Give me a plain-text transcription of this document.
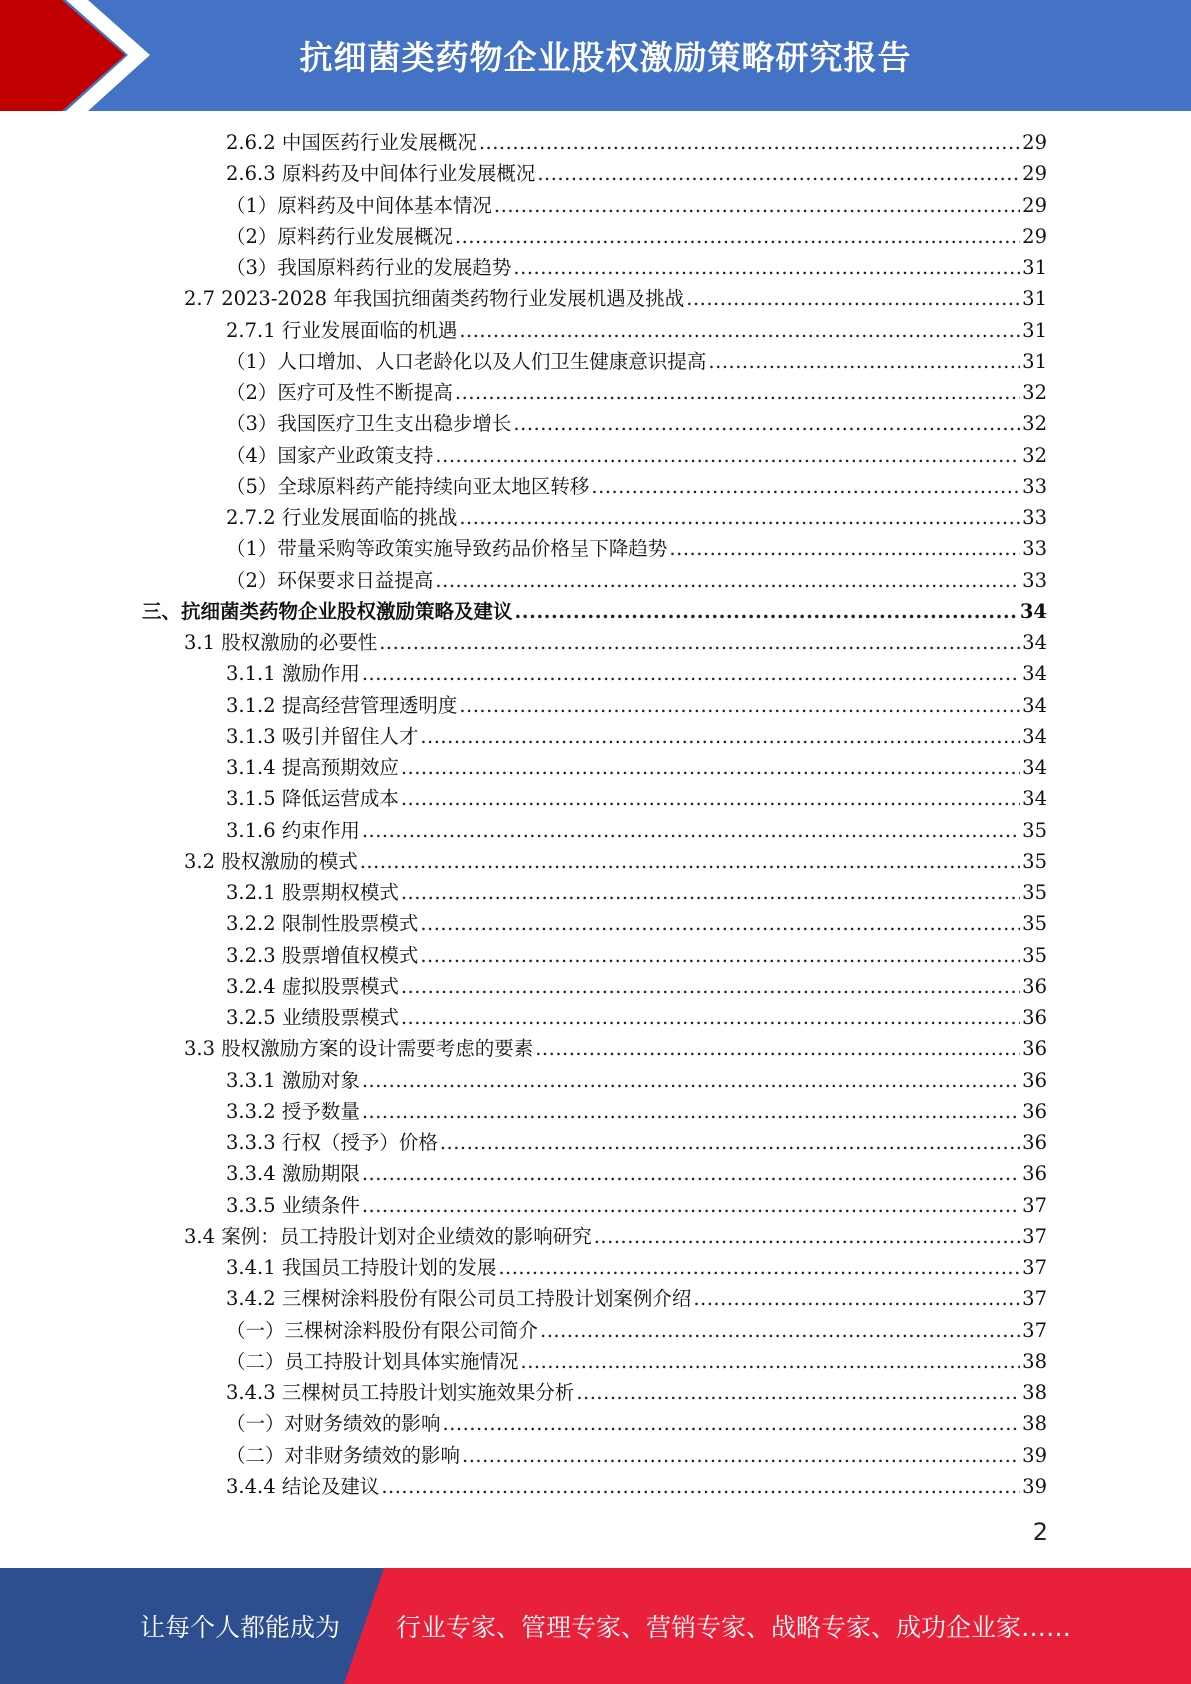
抗细菌类药物企业股权激励策略研究报告
2.6.2 中国医药行业发展概况 .....	29
2.6.3 原料药及中间体行业发展概况 .....	29
（1）原料药及中间体基本情况 .....	29
（2）原料药行业发展概况 .....	29
（3）我国原料药行业的发展趋势 .....	31
2.7 2023-2028 年我国抗细菌类药物行业发展机遇及挑战 .....	31
2.7.1 行业发展面临的机遇 .....	31
（1）人口增加、人口老龄化以及人们卫生健康意识提高 .....	31
（2）医疗可及性不断提高 .....	32
（3）我国医疗卫生支出稳步增长 .....	32
（4）国家产业政策支持 .....	32
（5）全球原料药产能持续向亚太地区转移 .....	33
2.7.2 行业发展面临的挑战 .....	33
（1）带量采购等政策实施导致药品价格呈下降趋势 .....	33
（2）环保要求日益提高 .....	33
三、抗细菌类药物企业股权激励策略及建议 .....	34
3.1 股权激励的必要性 .....	34
3.1.1 激励作用 .....	34
3.1.2 提高经营管理透明度 .....	34
3.1.3 吸引并留住人才 .....	34
3.1.4 提高预期效应 .....	34
3.1.5 降低运营成本 .....	34
3.1.6 约束作用 .....	35
3.2 股权激励的模式 .....	35
3.2.1 股票期权模式 .....	35
3.2.2 限制性股票模式 .....	35
3.2.3 股票增值权模式 .....	35
3.2.4 虚拟股票模式 .....	36
3.2.5 业绩股票模式 .....	36
3.3 股权激励方案的设计需要考虑的要素 .....	36
3.3.1 激励对象 .....	36
3.3.2 授予数量 .....	36
3.3.3 行权（授予）价格 .....	36
3.3.4 激励期限 .....	36
3.3.5 业绩条件 .....	37
3.4 案例：员工持股计划对企业绩效的影响研究 .....	37
3.4.1 我国员工持股计划的发展 .....	37
3.4.2 三棵树涂料股份有限公司员工持股计划案例介绍 .....	37
（一）三棵树涂料股份有限公司简介 .....	37
（二）员工持股计划具体实施情况 .....	38
3.4.3 三棵树员工持股计划实施效果分析 .....	38
（一）对财务绩效的影响 .....	38
（二）对非财务绩效的影响 .....	39
3.4.4 结论及建议 .....	39
2
让每个人都能成为 行业专家、管理专家、营销专家、战略专家、成功企业家……
